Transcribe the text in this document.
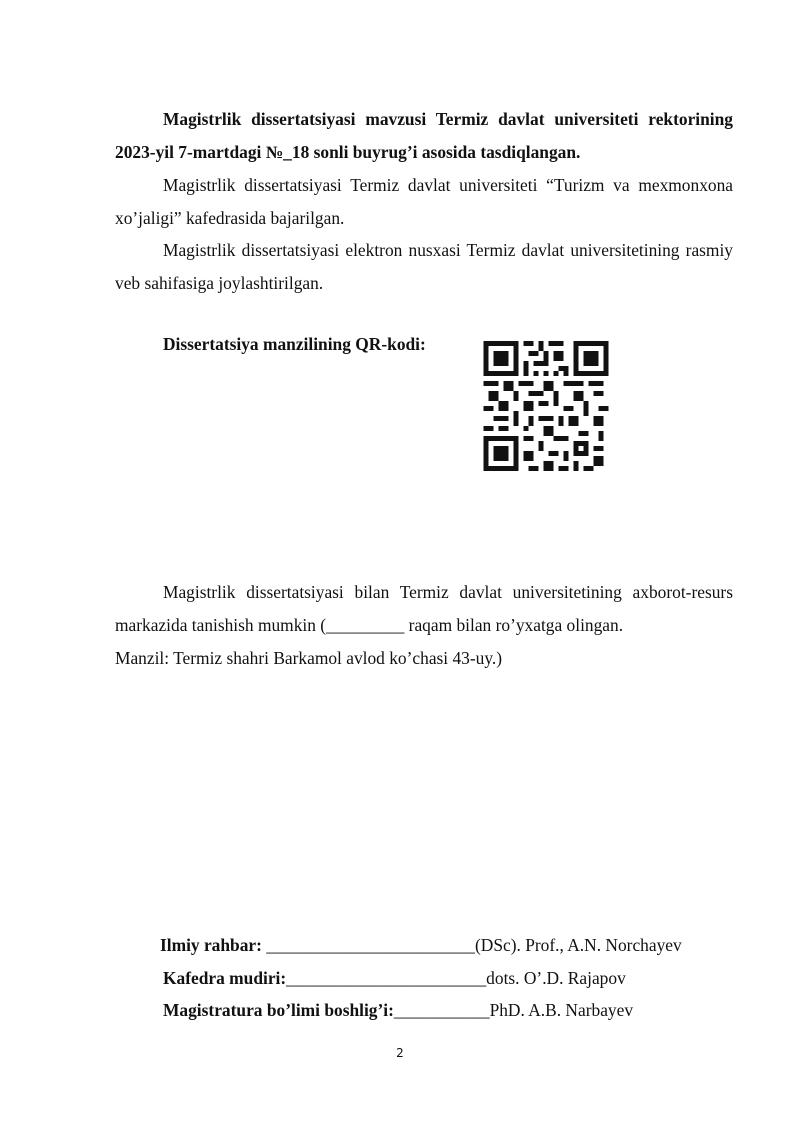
Magistrlik dissertatsiyasi mavzusi Termiz davlat universiteti rektorining 2023-yil 7-martdagi №_18 sonli buyrug’i asosida tasdiqlangan.

Magistrlik dissertatsiyasi Termiz davlat universiteti “Turizm va mexmonxona xo’jaligi” kafedrasida bajarilgan.

Magistrlik dissertatsiyasi elektron nusxasi Termiz davlat universitetining rasmiy veb sahifasiga joylashtirilgan.

Dissertatsiya manzilining QR-kodi:

Magistrlik dissertatsiyasi bilan Termiz davlat universitetining axborot-resurs markazida tanishish mumkin (_________ raqam bilan ro’yxatga olingan.
Manzil: Termiz shahri Barkamol avlod ko’chasi 43-uy.)

Ilmiy rahbar: ________________________(DSc). Prof., A.N. Norchayev

Kafedra mudiri:_______________________dots. O’.D. Rajapov

Magistratura bo’limi boshlig’i:___________PhD. A.B. Narbayev

2
